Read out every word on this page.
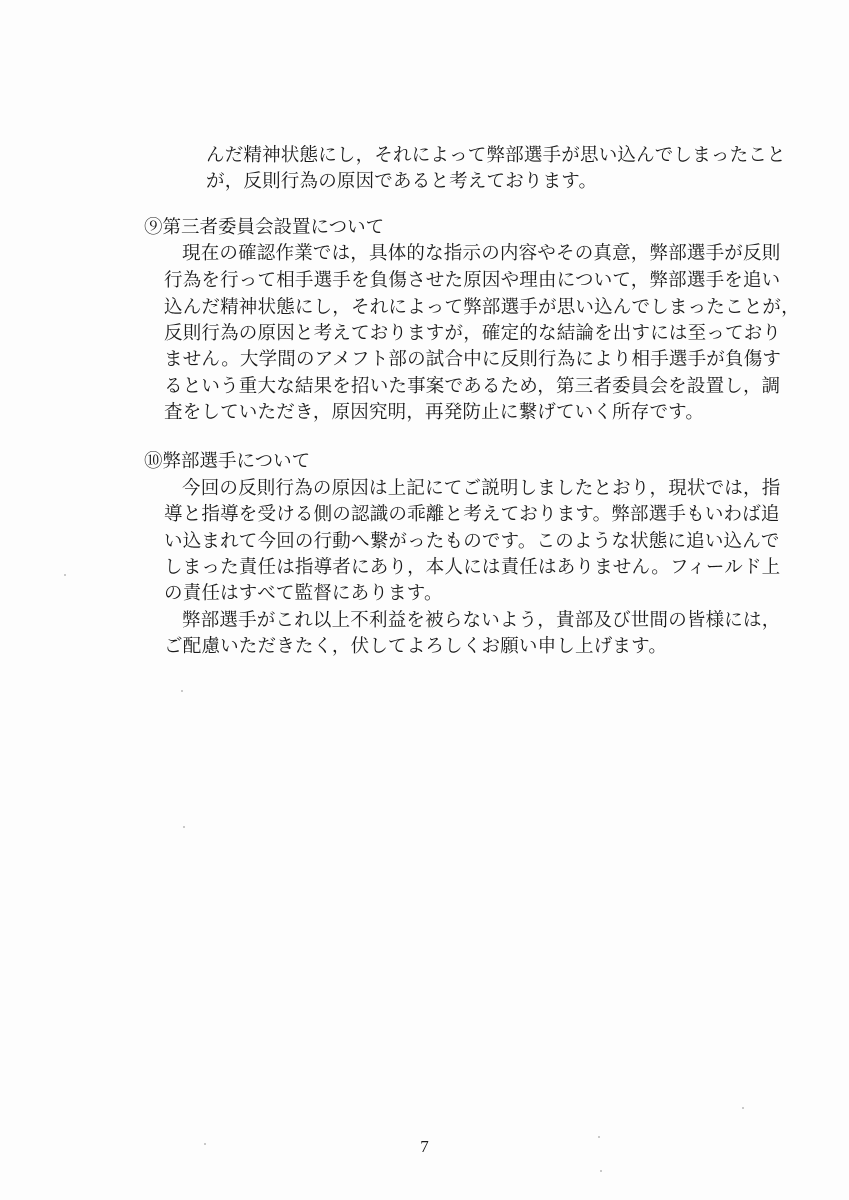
んだ精神状態にし，それによって弊部選手が思い込んでしまったこと
が，反則行為の原因であると考えております。
⑨第三者委員会設置について
現在の確認作業では，具体的な指示の内容やその真意，弊部選手が反則
行為を行って相手選手を負傷させた原因や理由について，弊部選手を追い
込んだ精神状態にし，それによって弊部選手が思い込んでしまったことが，
反則行為の原因と考えておりますが，確定的な結論を出すには至っており
ません。大学間のアメフト部の試合中に反則行為により相手選手が負傷す
るという重大な結果を招いた事案であるため，第三者委員会を設置し，調
査をしていただき，原因究明，再発防止に繋げていく所存です。
⑩弊部選手について
今回の反則行為の原因は上記にてご説明しましたとおり，現状では，指
導と指導を受ける側の認識の乖離と考えております。弊部選手もいわば追
い込まれて今回の行動へ繋がったものです。このような状態に追い込んで
しまった責任は指導者にあり，本人には責任はありません。フィールド上
の責任はすべて監督にあります。
弊部選手がこれ以上不利益を被らないよう，貴部及び世間の皆様には，
ご配慮いただきたく，伏してよろしくお願い申し上げます。
7
